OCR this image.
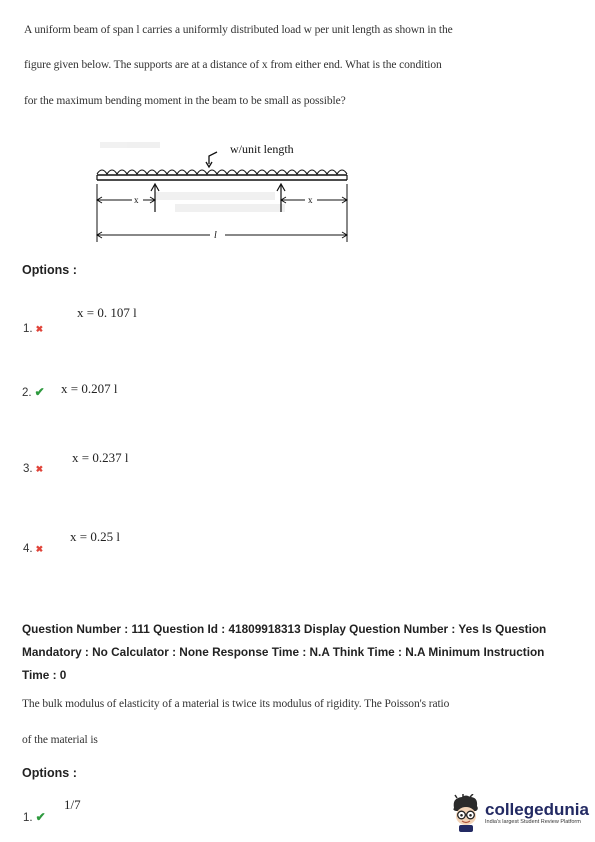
A uniform beam of span l carries a uniformly distributed load w per unit length as shown in the
figure given below. The supports are at a distance of x from either end. What is the condition
for the maximum bending moment in the beam to be small as possible?
w/unit length
x	x
l
Options :
x = 0. 107 l
1. ✖
2. ✔ x = 0.207 l
x = 0.237 l
3. ✖
x = 0.25 l
4. ✖
Question Number : 111 Question Id : 41809918313 Display Question Number : Yes Is Question
Mandatory : No Calculator : None Response Time : N.A Think Time : N.A Minimum Instruction
Time : 0
The bulk modulus of elasticity of a material is twice its modulus of rigidity. The Poisson's ratio
of the material is
Options :
1/7
1. ✔	collegedunia
India's largest Student Review Platform
